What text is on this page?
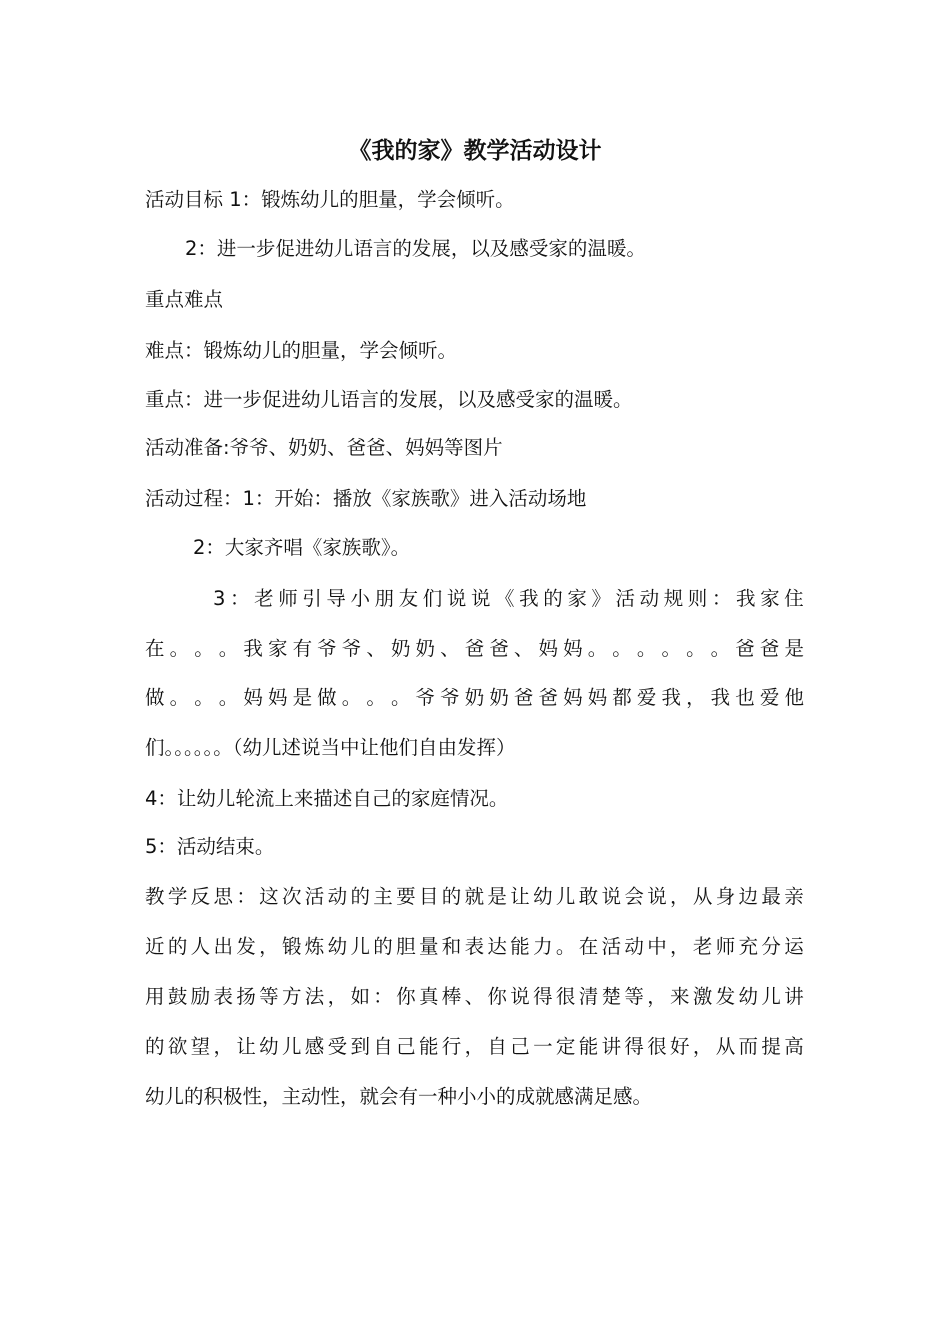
《我的家》教学活动设计
活动目标 1：锻炼幼儿的胆量，学会倾听。
2：进一步促进幼儿语言的发展，以及感受家的温暖。
重点难点
难点：锻炼幼儿的胆量，学会倾听。
重点：进一步促进幼儿语言的发展，以及感受家的温暖。
活动准备:爷爷、奶奶、爸爸、妈妈等图片
活动过程：1：开始：播放《家族歌》进入活动场地
2：大家齐唱《家族歌》。
3 ： 老 师 引 导 小 朋 友 们 说 说 《 我 的 家 》 活 动 规 则 ： 我 家 住
在 。 。 。 我 家 有 爷 爷 、 奶 奶 、 爸 爸 、 妈 妈 。 。 。 。 。 。 爸 爸 是
做 。 。 。 妈 妈 是 做 。 。 。 爷 爷 奶 奶 爸 爸 妈 妈 都 爱 我 ， 我 也 爱 他
们。。。。。。（幼儿述说当中让他们自由发挥）
4：让幼儿轮流上来描述自己的家庭情况。
5：活动结束。
教 学 反 思 ： 这 次 活 动 的 主 要 目 的 就 是 让 幼 儿 敢 说 会 说 ， 从 身 边 最 亲
近 的 人 出 发 ， 锻 炼 幼 儿 的 胆 量 和 表 达 能 力 。 在 活 动 中 ， 老 师 充 分 运
用 鼓 励 表 扬 等 方 法 ， 如 ： 你 真 棒 、 你 说 得 很 清 楚 等 ， 来 激 发 幼 儿 讲
的 欲 望 ， 让 幼 儿 感 受 到 自 己 能 行 ， 自 己 一 定 能 讲 得 很 好 ， 从 而 提 高
幼儿的积极性，主动性，就会有一种小小的成就感满足感。
